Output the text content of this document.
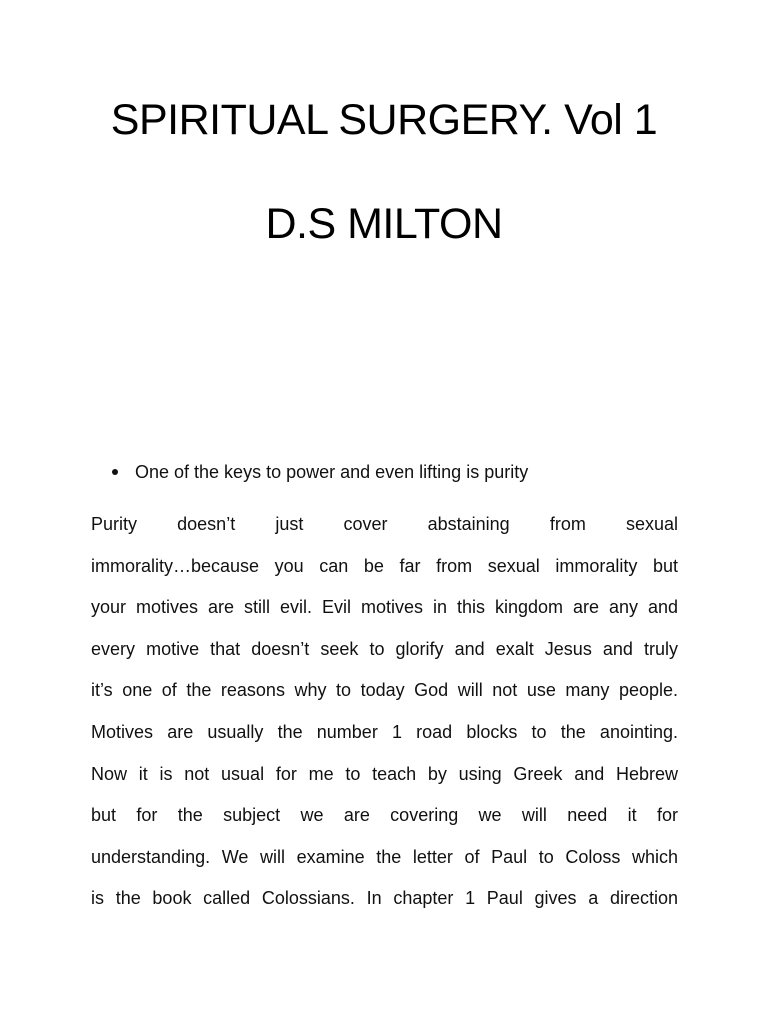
SPIRITUAL SURGERY. Vol 1
D.S MILTON
One of the keys to power and even lifting is purity
Purity doesn’t just cover abstaining from sexual
immorality…because you can be far from sexual immorality but
your motives are still evil. Evil motives in this kingdom are any and
every motive that doesn’t seek to glorify and exalt Jesus and truly
it’s one of the reasons why to today God will not use many people.
Motives are usually the number 1 road blocks to the anointing.
Now it is not usual for me to teach by using Greek and Hebrew
but for the subject we are covering we will need it for
understanding. We will examine the letter of Paul to Coloss which
is the book called Colossians. In chapter 1 Paul gives a direction
